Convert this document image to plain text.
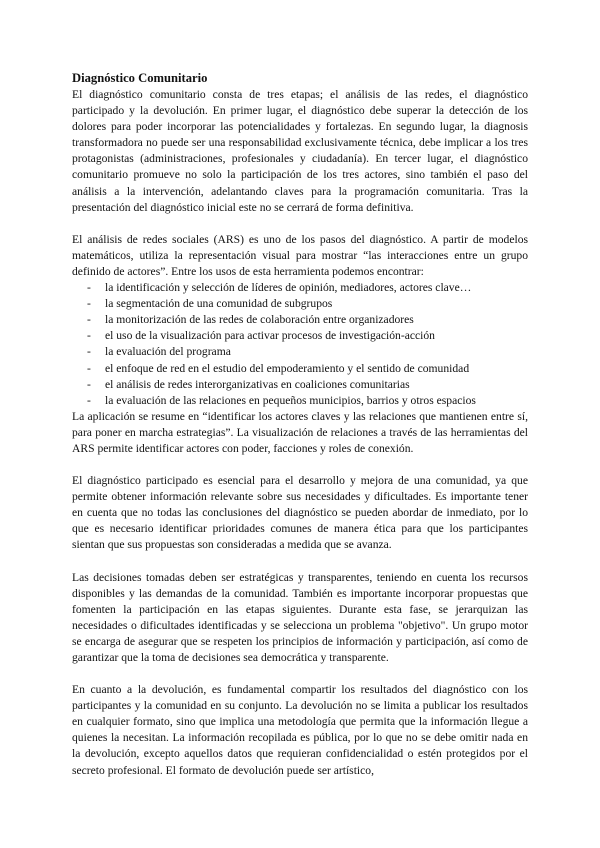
Diagnóstico Comunitario

El diagnóstico comunitario consta de tres etapas; el análisis de las redes, el diagnóstico participado y la devolución. En primer lugar, el diagnóstico debe superar la detección de los dolores para poder incorporar las potencialidades y fortalezas. En segundo lugar, la diagnosis transformadora no puede ser una responsabilidad exclusivamente técnica, debe implicar a los tres protagonistas (administraciones, profesionales y ciudadanía). En tercer lugar, el diagnóstico comunitario promueve no solo la participación de los tres actores, sino también el paso del análisis a la intervención, adelantando claves para la programación comunitaria. Tras la presentación del diagnóstico inicial este no se cerrará de forma definitiva.

El análisis de redes sociales (ARS) es uno de los pasos del diagnóstico. A partir de modelos matemáticos, utiliza la representación visual para mostrar “las interacciones entre un grupo definido de actores”. Entre los usos de esta herramienta podemos encontrar:

- la identificación y selección de líderes de opinión, mediadores, actores clave…
- la segmentación de una comunidad de subgrupos
- la monitorización de las redes de colaboración entre organizadores
- el uso de la visualización para activar procesos de investigación-acción
- la evaluación del programa
- el enfoque de red en el estudio del empoderamiento y el sentido de comunidad
- el análisis de redes interorganizativas en coaliciones comunitarias
- la evaluación de las relaciones en pequeños municipios, barrios y otros espacios

La aplicación se resume en “identificar los actores claves y las relaciones que mantienen entre sí, para poner en marcha estrategias”. La visualización de relaciones a través de las herramientas del ARS permite identificar actores con poder, facciones y roles de conexión.

El diagnóstico participado es esencial para el desarrollo y mejora de una comunidad, ya que permite obtener información relevante sobre sus necesidades y dificultades. Es importante tener en cuenta que no todas las conclusiones del diagnóstico se pueden abordar de inmediato, por lo que es necesario identificar prioridades comunes de manera ética para que los participantes sientan que sus propuestas son consideradas a medida que se avanza.

Las decisiones tomadas deben ser estratégicas y transparentes, teniendo en cuenta los recursos disponibles y las demandas de la comunidad. También es importante incorporar propuestas que fomenten la participación en las etapas siguientes. Durante esta fase, se jerarquizan las necesidades o dificultades identificadas y se selecciona un problema "objetivo". Un grupo motor se encarga de asegurar que se respeten los principios de información y participación, así como de garantizar que la toma de decisiones sea democrática y transparente.

En cuanto a la devolución, es fundamental compartir los resultados del diagnóstico con los participantes y la comunidad en su conjunto. La devolución no se limita a publicar los resultados en cualquier formato, sino que implica una metodología que permita que la información llegue a quienes la necesitan. La información recopilada es pública, por lo que no se debe omitir nada en la devolución, excepto aquellos datos que requieran confidencialidad o estén protegidos por el secreto profesional. El formato de devolución puede ser artístico,
